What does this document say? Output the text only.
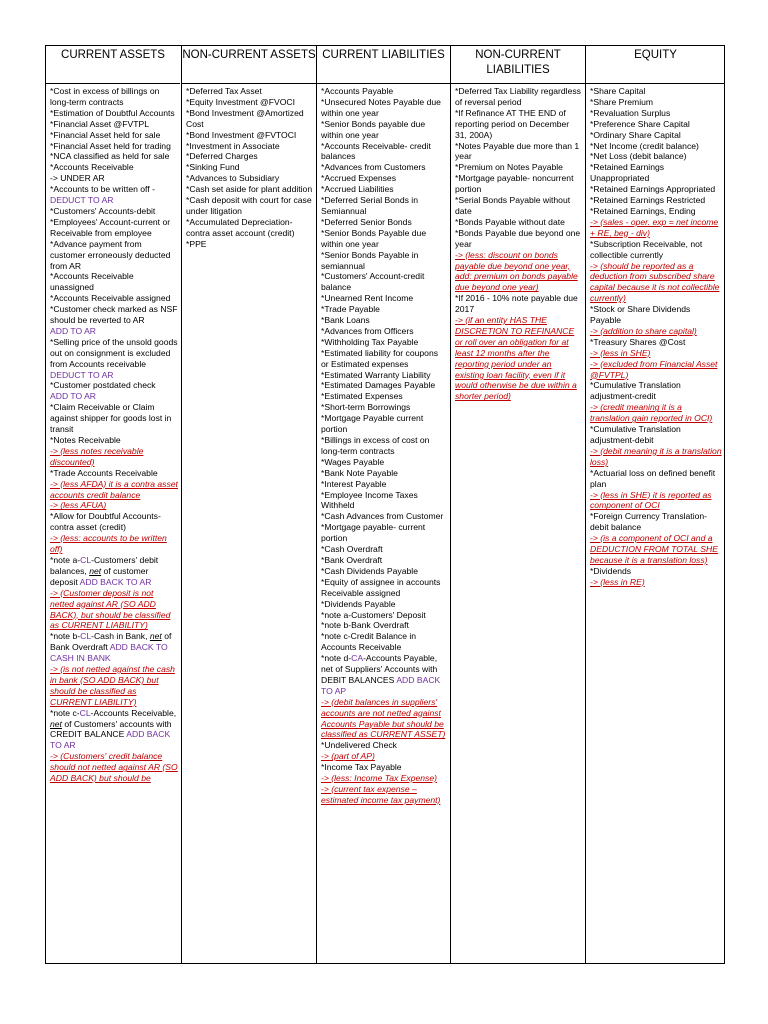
CURRENT ASSETS
*Cost in excess of billings on long-term contracts
*Estimation of Doubtful Accounts
*Financial Asset @FVTPL
*Financial Asset held for sale
*Financial Asset held for trading
*NCA classified as held for sale
*Accounts Receivable
-> UNDER AR
*Accounts to be written off -
DEDUCT TO AR
*Customers' Accounts-debit
*Employees' Account-current or Receivable from employee
*Advance payment from customer erroneously deducted from AR
*Accounts Receivable unassigned
*Accounts Receivable assigned
*Customer check marked as NSF should be reverted to AR
ADD TO AR
*Selling price of the unsold goods out on consignment is excluded from Accounts receivable
DEDUCT TO AR
*Customer postdated check
ADD TO AR
*Claim Receivable or Claim against shipper for goods lost in transit
*Notes Receivable
-> (less notes receivable discounted)
*Trade Accounts Receivable
-> (less AFDA) it is a contra asset accounts credit balance
-> (less AFUA)
*Allow for Doubtful Accounts- contra asset (credit)
-> (less: accounts to be written off)
*note a-CL-Customers' debit balances, net of customer deposit ADD BACK TO AR
-> (Customer deposit is not netted against AR (SO ADD BACK), but should be classified as CURRENT LIABILITY)
*note b-CL-Cash in Bank, net of Bank Overdraft ADD BACK TO CASH IN BANK
-> (is not netted against the cash in bank (SO ADD BACK) but should be classified as CURRENT LIABILITY)
*note c-CL-Accounts Receivable, net of Customers' accounts with CREDIT BALANCE ADD BACK TO AR
-> (Customers' credit balance should not netted against AR (SO ADD BACK) but should be
NON-CURRENT ASSETS
*Deferred Tax Asset
*Equity Investment @FVOCI
*Bond Investment @Amortized Cost
*Bond Investment @FVTOCI
*Investment in Associate
*Deferred Charges
*Sinking Fund
*Advances to Subsidiary
*Cash set aside for plant addition
*Cash deposit with court for case under litigation
*Accumulated Depreciation- contra asset account (credit)
*PPE
CURRENT LIABILITIES
*Accounts Payable
*Unsecured Notes Payable due within one year
*Senior Bonds payable due within one year
*Accounts Receivable- credit balances
*Advances from Customers
*Accrued Expenses
*Accrued Liabilities
*Deferred Serial Bonds in Semiannual
*Deferred Senior Bonds
*Senior Bonds Payable due within one year
*Senior Bonds Payable in semiannual
*Customers' Account-credit balance
*Unearned Rent Income
*Trade Payable
*Bank Loans
*Advances from Officers
*Withholding Tax Payable
*Estimated liability for coupons or Estimated expenses
*Estimated Warranty Liability
*Estimated Damages Payable
*Estimated Expenses
*Short-term Borrowings
*Mortgage Payable current portion
*Billings in excess of cost on long-term contracts
*Wages Payable
*Bank Note Payable
*Interest Payable
*Employee Income Taxes Withheld
*Cash Advances from Customer
*Mortgage payable- current portion
*Cash Overdraft
*Bank Overdraft
*Cash Dividends Payable
*Equity of assignee in accounts Receivable assigned
*Dividends Payable
*note a-Customers' Deposit
*note b-Bank Overdraft
*note c-Credit Balance in Accounts Receivable
*note d-CA-Accounts Payable, net of Suppliers' Accounts with DEBIT BALANCES ADD BACK TO AP
-> (debit balances in suppliers' accounts are not netted against Accounts Payable but should be classified as CURRENT ASSET)
*Undelivered Check
-> (part of AP)
*Income Tax Payable
-> (less: Income Tax Expense)
-> (current tax expense – estimated income tax payment)
NON-CURRENT LIABILITIES
*Deferred Tax Liability regardless of reversal period
*If Refinance AT THE END of reporting period on December 31, 200A)
*Notes Payable due more than 1 year
*Premium on Notes Payable
*Mortgage payable- noncurrent portion
*Serial Bonds Payable without date
*Bonds Payable without date
*Bonds Payable due beyond one year
-> (less: discount on bonds payable due beyond one year, add: premium on bonds payable due beyond one year)
*If 2016 - 10% note payable due 2017
-> (if an entity HAS THE DISCRETION TO REFINANCE or roll over an obligation for at least 12 months after the reporting period under an existing loan facility, even if it would otherwise be due within a shorter period)
EQUITY
*Share Capital
*Share Premium
*Revaluation Surplus
*Preference Share Capital
*Ordinary Share Capital
*Net Income (credit balance)
*Net Loss (debit balance)
*Retained Earnings Unappropriated
*Retained Earnings Appropriated
*Retained Earnings Restricted
*Retained Earnings, Ending
-> (sales - oper. exp = net income + RE, beg - div)
*Subscription Receivable, not collectible currently
-> (should be reported as a deduction from subscribed share capital because it is not collectible currently)
*Stock or Share Dividends Payable
-> (addition to share capital)
*Treasury Shares @Cost
-> (less in SHE)
-> (excluded from Financial Asset @FVTPL)
*Cumulative Translation adjustment-credit
-> (credit meaning it is a translation gain reported in OCI)
*Cumulative Translation adjustment-debit
-> (debit meaning it is a translation loss)
*Actuarial loss on defined benefit plan
-> (less in SHE) it is reported as component of OCI
*Foreign Currency Translation-debit balance
-> (is a component of OCI and a DEDUCTION FROM TOTAL SHE because it is a translation loss)
*Dividends
-> (less in RE)
